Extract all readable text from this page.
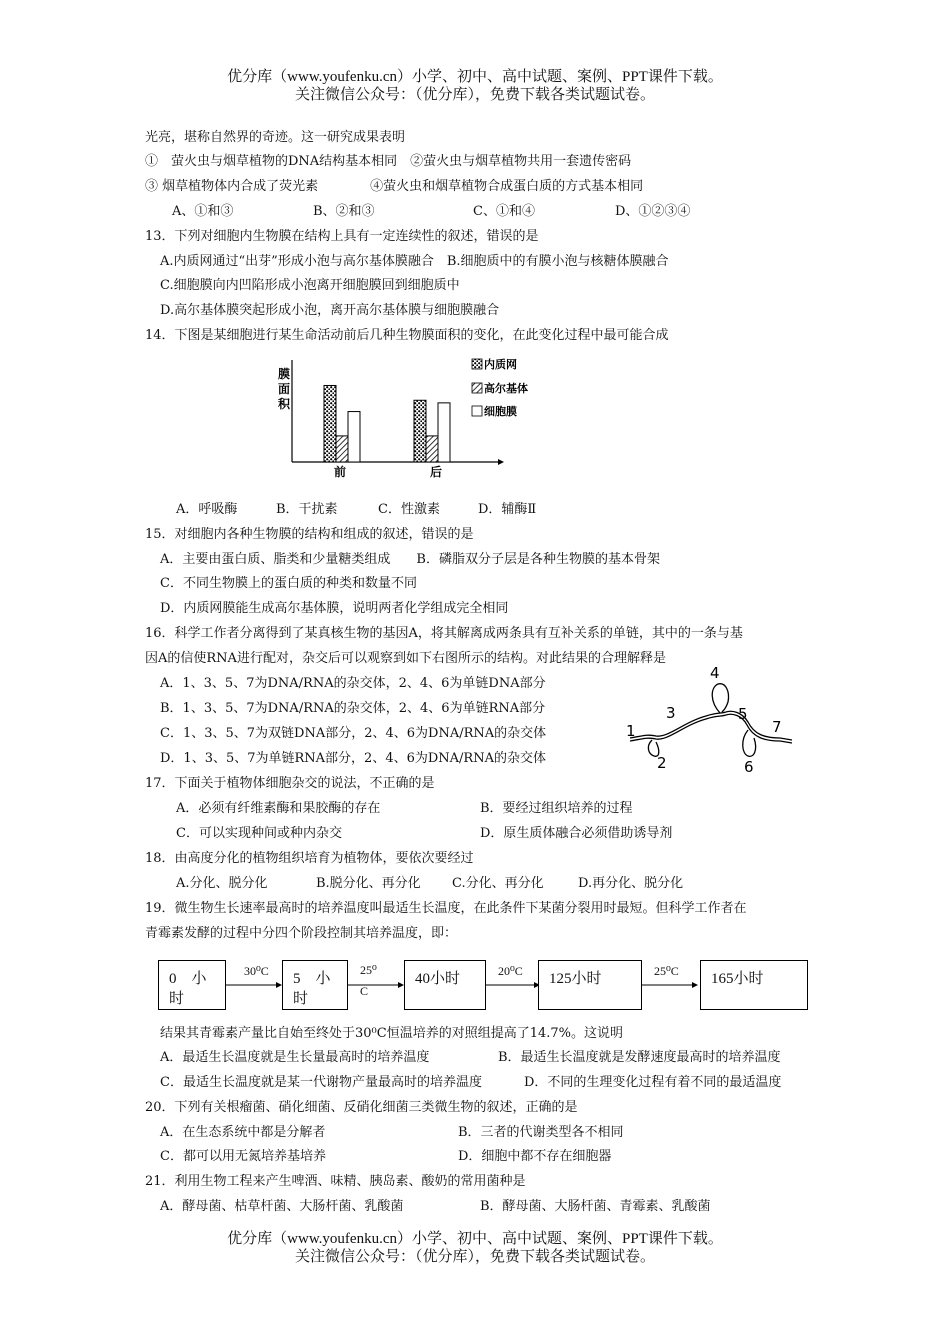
优分库（www.youfenku.cn）小学、初中、高中试题、案例、PPT课件下载。
关注微信公众号：（优分库），免费下载各类试题试卷。
光亮，堪称自然界的奇迹。这一研究成果表明
①　萤火虫与烟草植物的DNA结构基本相同　②萤火虫与烟草植物共用一套遗传密码
③ 烟草植物体内合成了荧光素　　　　④萤火虫和烟草植物合成蛋白质的方式基本相同
A、①和③	B、②和③	C、①和④	D、①②③④
13．下列对细胞内生物膜在结构上具有一定连续性的叙述，错误的是
A.内质网通过“出芽”形成小泡与高尔基体膜融合　B.细胞质中的有膜小泡与核糖体膜融合
C.细胞膜向内凹陷形成小泡离开细胞膜回到细胞质中
D.高尔基体膜突起形成小泡，离开高尔基体膜与细胞膜融合
14．下图是某细胞进行某生命活动前后几种生物膜面积的变化，在此变化过程中最可能合成
膜面积
前	后
内质网
高尔基体
细胞膜
A．呼吸酶	B．干扰素	C．性激素	D．辅酶Ⅱ
15．对细胞内各种生物膜的结构和组成的叙述，错误的是
A．主要由蛋白质、脂类和少量糖类组成　　B．磷脂双分子层是各种生物膜的基本骨架
C．不同生物膜上的蛋白质的种类和数量不同
D．内质网膜能生成高尔基体膜，说明两者化学组成完全相同
16．科学工作者分离得到了某真核生物的基因A，将其解离成两条具有互补关系的单链，其中的一条与基
因A的信使RNA进行配对，杂交后可以观察到如下右图所示的结构。对此结果的合理解释是
A．1、3、5、7为DNA/RNA的杂交体，2、4、6为单链DNA部分
B．1、3、5、7为DNA/RNA的杂交体，2、4、6为单链RNA部分
C．1、3、5、7为双链DNA部分，2、4、6为DNA/RNA的杂交体
D．1、3、5、7为单链RNA部分，2、4、6为DNA/RNA的杂交体
1
2
3
4
5
6
7
17．下面关于植物体细胞杂交的说法，不正确的是
A．必须有纤维素酶和果胶酶的存在	B．要经过组织培养的过程
C．可以实现种间或种内杂交	D．原生质体融合必须借助诱导剂
18．由高度分化的植物组织培育为植物体，要依次要经过
A.分化、脱分化	B.脱分化、再分化 C.分化、再分化	D.再分化、脱分化
19．微生物生长速率最高时的培养温度叫最适生长温度，在此条件下某菌分裂用时最短。但科学工作者在
青霉素发酵的过程中分四个阶段控制其培养温度，即：
0　小
时
30⁰C 5　小
时
25⁰
C
40小时	20⁰C 125小时	25⁰C 165小时
结果其青霉素产量比自始至终处于30⁰C恒温培养的对照组提高了14.7%。这说明
A．最适生长温度就是生长量最高时的培养温度	B．最适生长温度就是发酵速度最高时的培养温度
C．最适生长温度就是某一代谢物产量最高时的培养温度	D．不同的生理变化过程有着不同的最适温度
20．下列有关根瘤菌、硝化细菌、反硝化细菌三类微生物的叙述，正确的是
A．在生态系统中都是分解者	B．三者的代谢类型各不相同
C．都可以用无氮培养基培养	D．细胞中都不存在细胞器
21．利用生物工程来产生啤酒、味精、胰岛素、酸奶的常用菌种是
A．酵母菌、枯草杆菌、大肠杆菌、乳酸菌	B．酵母菌、大肠杆菌、青霉素、乳酸菌
优分库（www.youfenku.cn）小学、初中、高中试题、案例、PPT课件下载。
关注微信公众号：（优分库），免费下载各类试题试卷。
